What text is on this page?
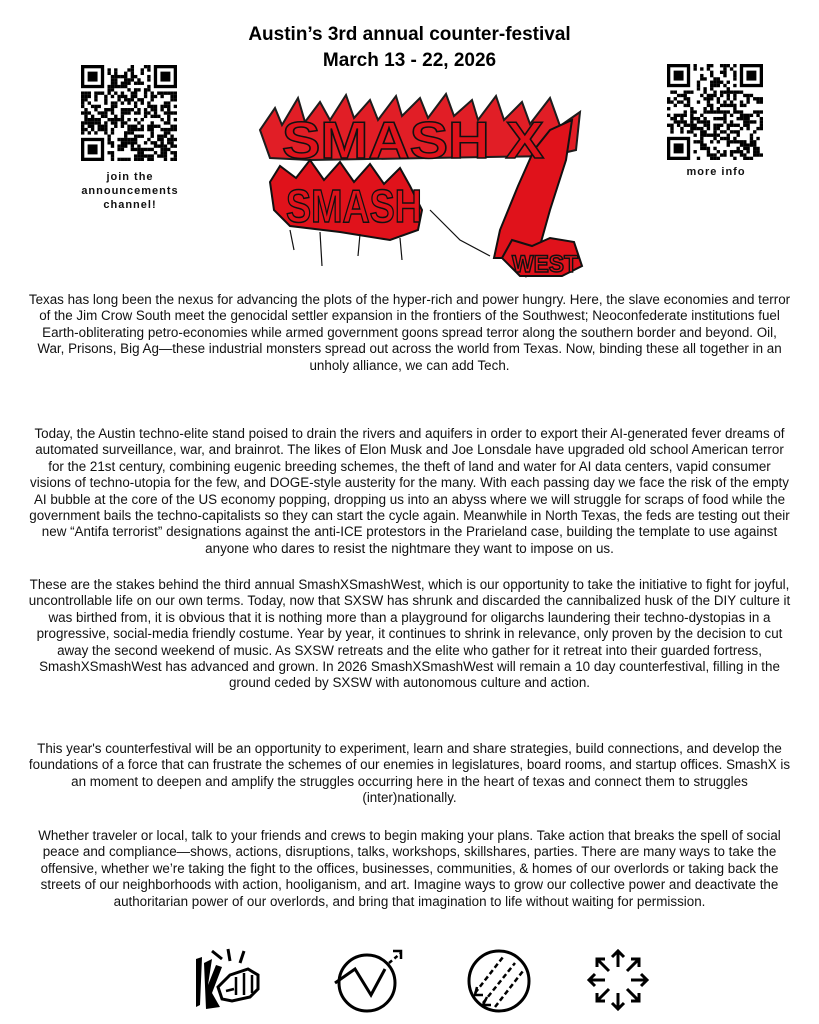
Austin’s 3rd annual counter-festival
March 13 - 22, 2026
join the announcements channel!
more info
SMASH X
SMASH
WEST

Texas has long been the nexus for advancing the plots of the hyper-rich and power hungry. Here, the slave economies and terror of the Jim Crow South meet the genocidal settler expansion in the frontiers of the Southwest; Neoconfederate institutions fuel Earth-obliterating petro-economies while armed government goons spread terror along the southern border and beyond. Oil, War, Prisons, Big Ag—these industrial monsters spread out across the world from Texas. Now, binding these all together in an unholy alliance, we can add Tech.

Today, the Austin techno-elite stand poised to drain the rivers and aquifers in order to export their AI-generated fever dreams of automated surveillance, war, and brainrot. The likes of Elon Musk and Joe Lonsdale have upgraded old school American terror for the 21st century, combining eugenic breeding schemes, the theft of land and water for AI data centers, vapid consumer visions of techno-utopia for the few, and DOGE-style austerity for the many. With each passing day we face the risk of the empty AI bubble at the core of the US economy popping, dropping us into an abyss where we will struggle for scraps of food while the government bails the techno-capitalists so they can start the cycle again. Meanwhile in North Texas, the feds are testing out their new “Antifa terrorist” designations against the anti-ICE protestors in the Prarieland case, building the template to use against anyone who dares to resist the nightmare they want to impose on us.

These are the stakes behind the third annual SmashXSmashWest, which is our opportunity to take the initiative to fight for joyful, uncontrollable life on our own terms. Today, now that SXSW has shrunk and discarded the cannibalized husk of the DIY culture it was birthed from, it is obvious that it is nothing more than a playground for oligarchs laundering their techno-dystopias in a progressive, social-media friendly costume. Year by year, it continues to shrink in relevance, only proven by the decision to cut away the second weekend of music. As SXSW retreats and the elite who gather for it retreat into their guarded fortress, SmashXSmashWest has advanced and grown. In 2026 SmashXSmashWest will remain a 10 day counterfestival, filling in the ground ceded by SXSW with autonomous culture and action.

This year's counterfestival will be an opportunity to experiment, learn and share strategies, build connections, and develop the foundations of a force that can frustrate the schemes of our enemies in legislatures, board rooms, and startup offices. SmashX is an moment to deepen and amplify the struggles occurring here in the heart of texas and connect them to struggles (inter)nationally.

Whether traveler or local, talk to your friends and crews to begin making your plans. Take action that breaks the spell of social peace and compliance—shows, actions, disruptions, talks, workshops, skillshares, parties. There are many ways to take the offensive, whether we’re taking the fight to the offices, businesses, communities, & homes of our overlords or taking back the streets of our neighborhoods with action, hooliganism, and art. Imagine ways to grow our collective power and deactivate the authoritarian power of our overlords, and bring that imagination to life without waiting for permission.
